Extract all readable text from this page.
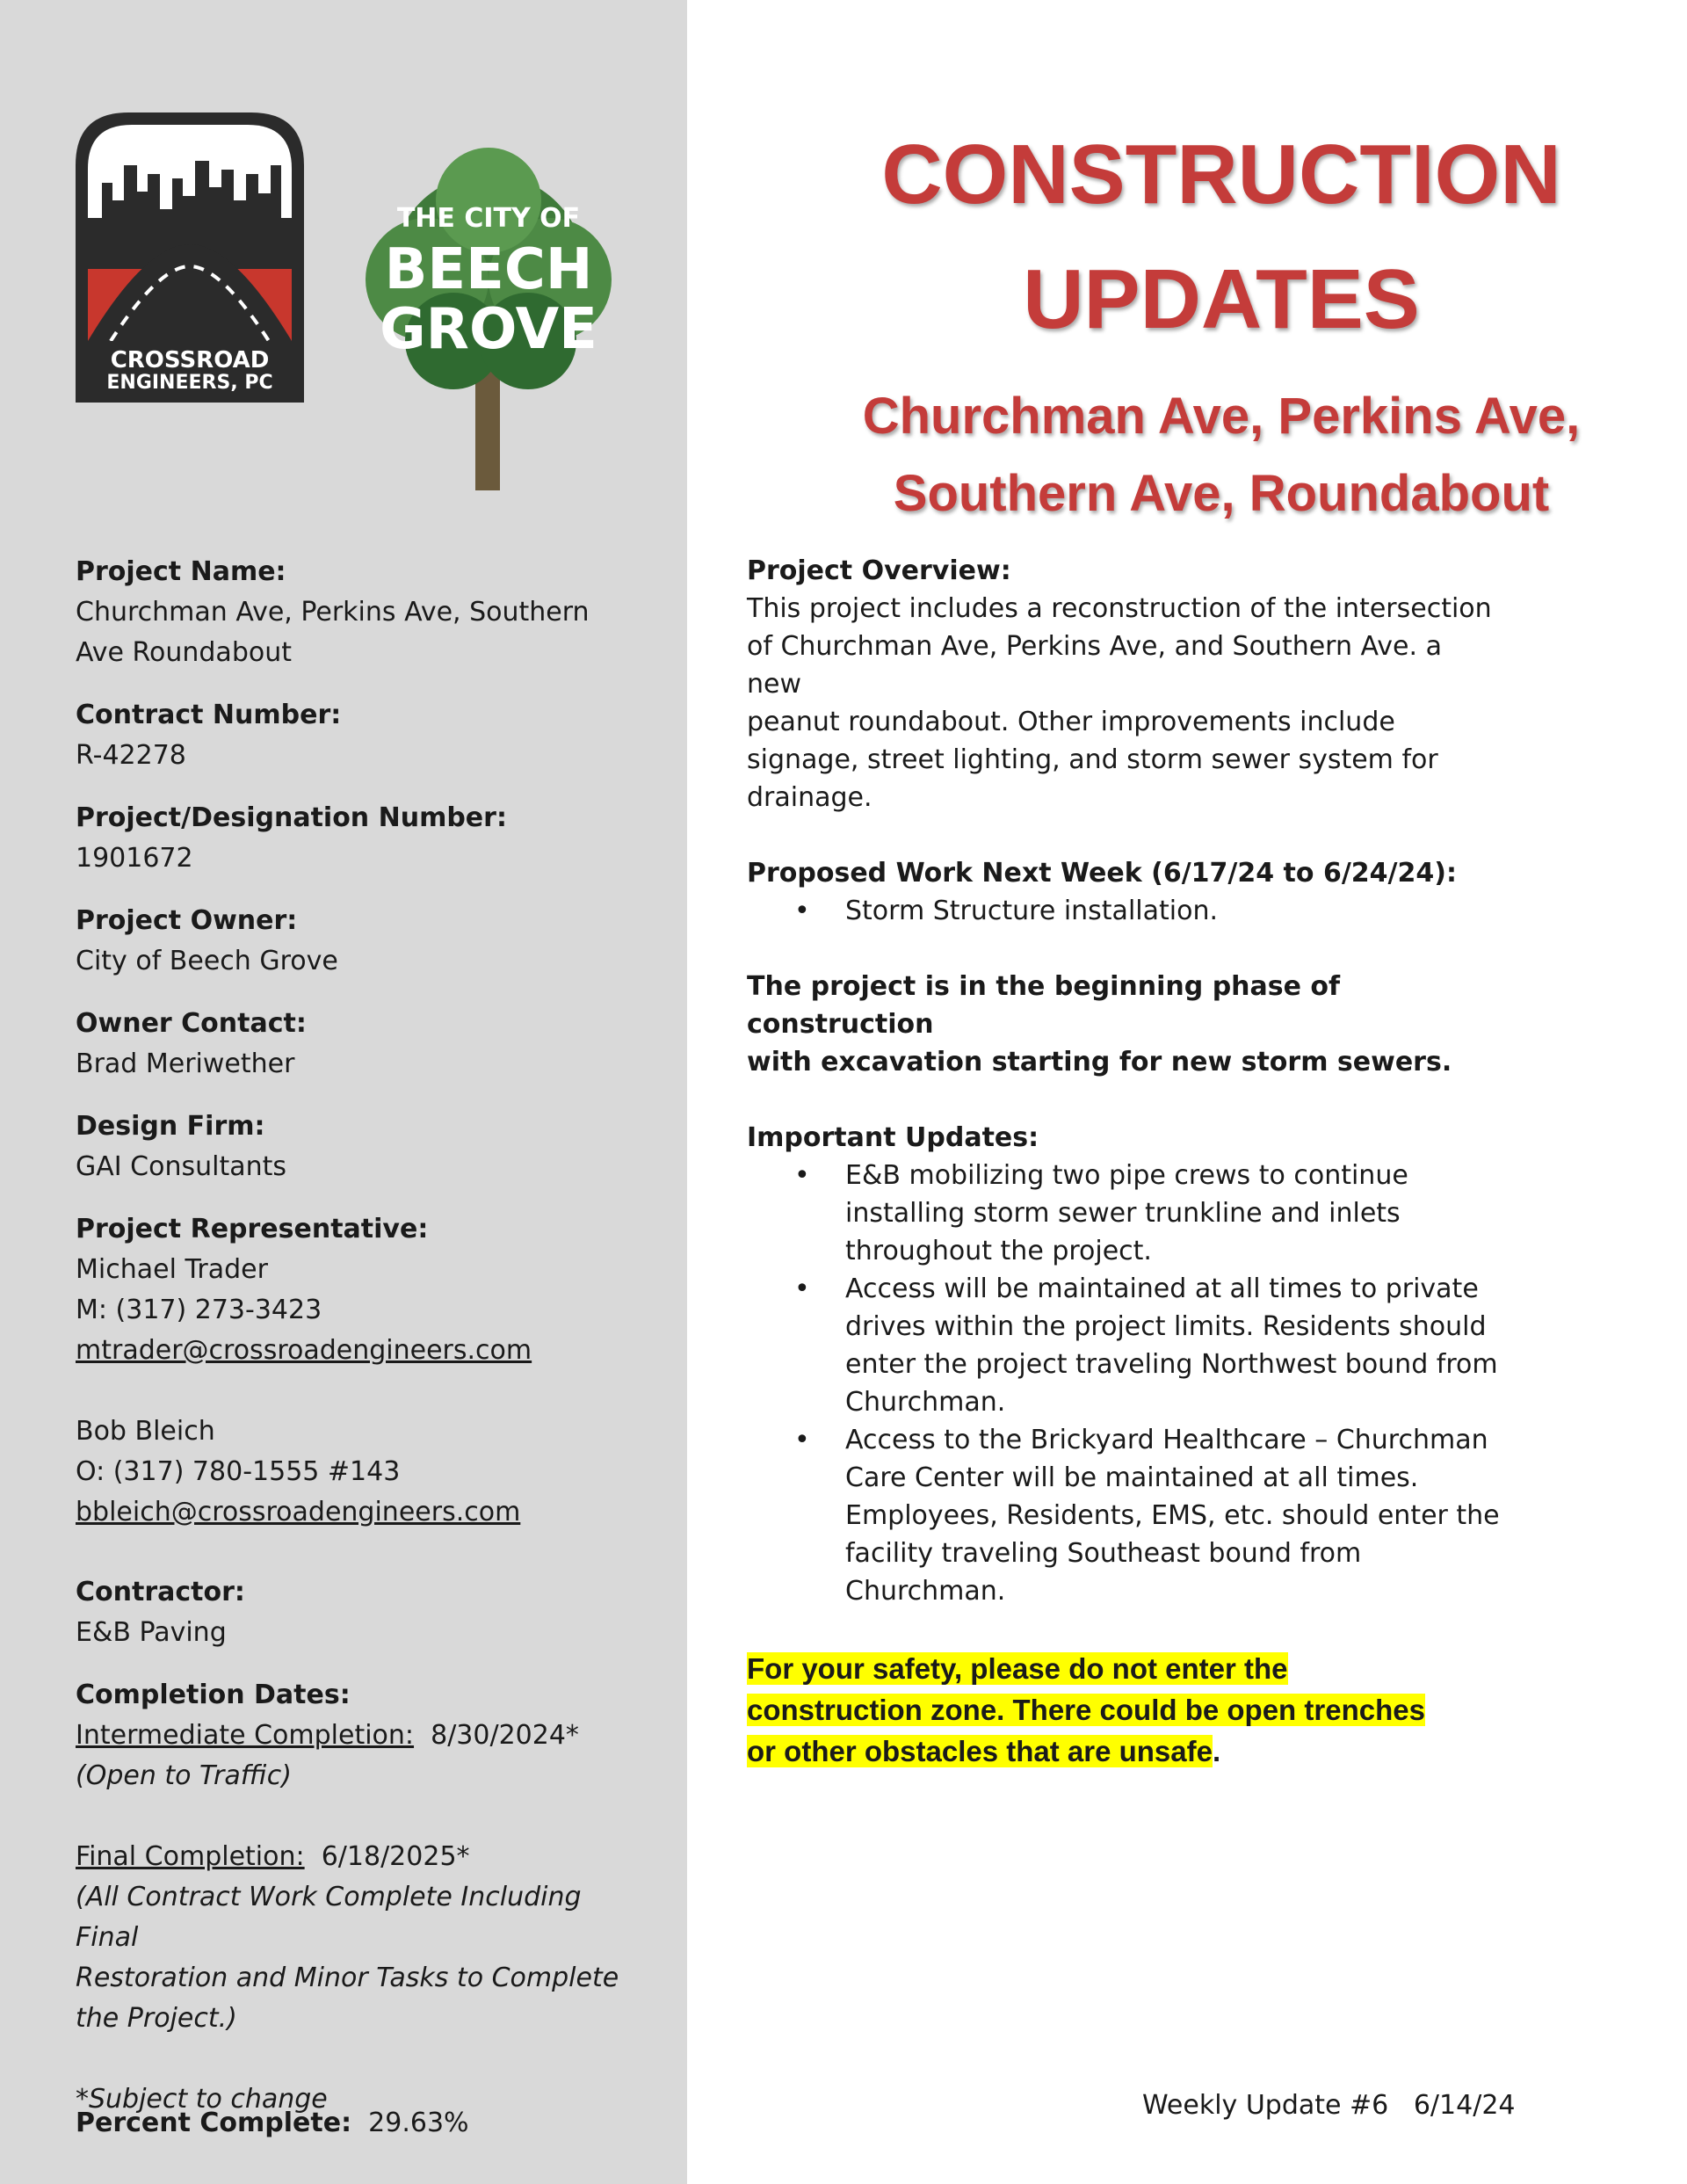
CROSSROAD
ENGINEERS, PC
THE CITY OF
BEECH
GROVE
CONSTRUCTION
UPDATES
Churchman Ave, Perkins Ave,
Southern Ave, Roundabout
Project Name:
Churchman Ave, Perkins Ave, Southern
Ave Roundabout
Contract Number:
R-42278
Project/Designation Number:
1901672
Project Owner:
City of Beech Grove
Owner Contact:
Brad Meriwether
Design Firm:
GAI Consultants
Project Representative:
Michael Trader
M: (317) 273-3423
mtrader@crossroadengineers.com
Bob Bleich
O: (317) 780-1555 #143
bbleich@crossroadengineers.com
Contractor:
E&B Paving
Completion Dates:
Intermediate Completion: 8/30/2024*
(Open to Traffic)
Final Completion: 6/18/2025*
(All Contract Work Complete Including Final
Restoration and Minor Tasks to Complete
the Project.)
*Subject to change
Percent Complete: 29.63%
Project Overview:
This project includes a reconstruction of the intersection
of Churchman Ave, Perkins Ave, and Southern Ave. a new
peanut roundabout. Other improvements include
signage, street lighting, and storm sewer system for
drainage.
Proposed Work Next Week (6/17/24 to 6/24/24):
• Storm Structure installation.
The project is in the beginning phase of construction
with excavation starting for new storm sewers.
Important Updates:
• E&B mobilizing two pipe crews to continue
installing storm sewer trunkline and inlets
throughout the project.
• Access will be maintained at all times to private
drives within the project limits. Residents should
enter the project traveling Northwest bound from
Churchman.
• Access to the Brickyard Healthcare – Churchman
Care Center will be maintained at all times.
Employees, Residents, EMS, etc. should enter the
facility traveling Southeast bound from
Churchman.
For your safety, please do not enter the
construction zone. There could be open trenches
or other obstacles that are unsafe.
Weekly Update #6 6/14/24
